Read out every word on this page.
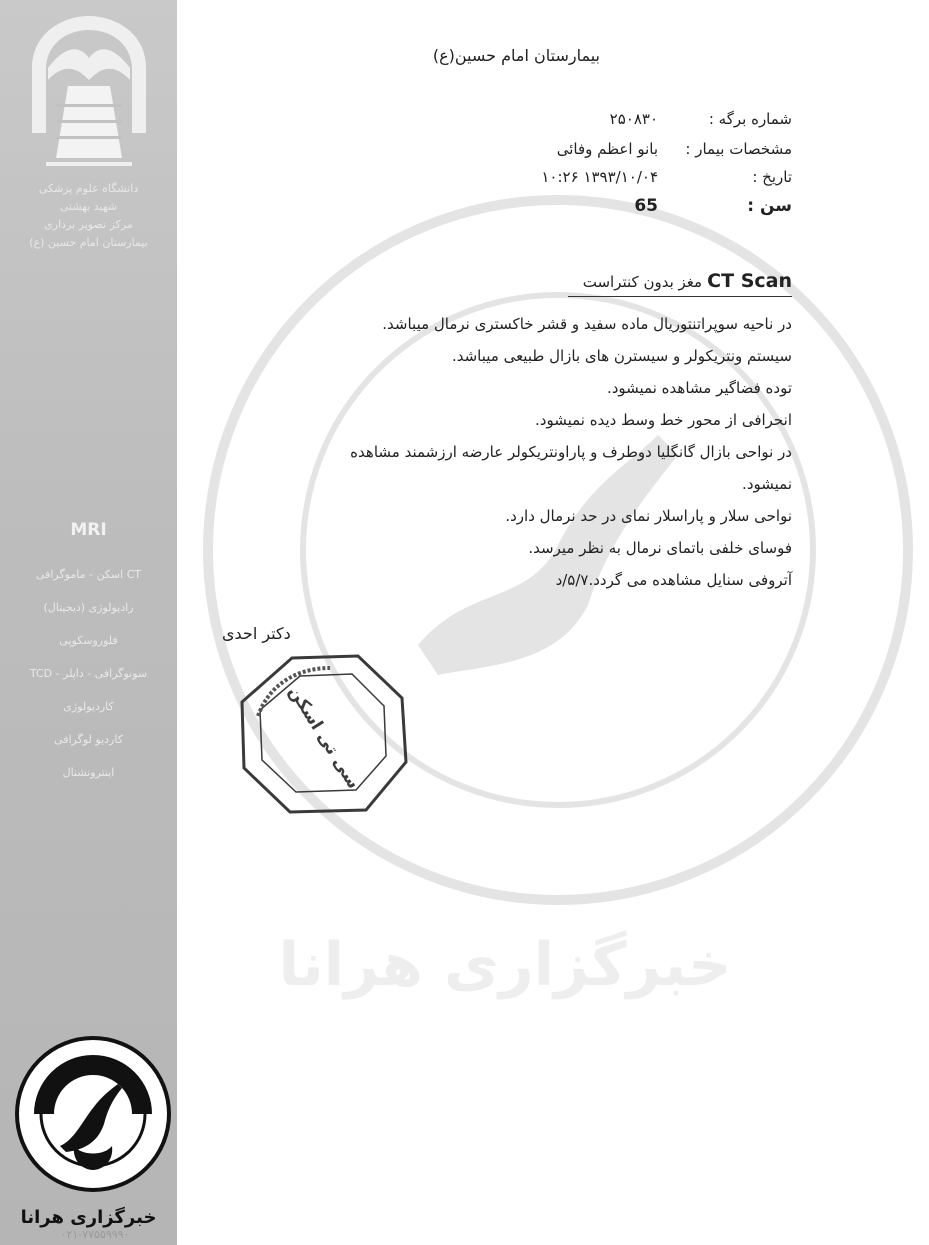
دانشگاه علوم پزشکی
شهید بهشتی
مرکز تصویر برداری
بیمارستان امام حسین (ع)
MRI
CT اسکن - ماموگرافی
رادیولوژی (دیجیتال)
فلوروسکوپی
سونوگرافی - داپلر - TCD
کاردیولوژی
کاردیو لوگرافی
اینترونشنال
۰۲۱-۷۷۵۵۹۹۹۰
خبرگزاری هرانا
بیمارستان امام حسین(ع)
شماره برگه :
۲۵۰۸۳۰
مشخصات بیمار :
بانو اعظم وفائی
تاریخ :
۱۳۹۳/۱۰/۰۴ ۱۰:۲۶
سن :
65
CT Scan مغز بدون کنتراست
در ناحیه سوپراتنتوریال ماده سفید و قشر خاکستری نرمال میباشد.
سیستم ونتریکولر و سیسترن های بازال طبیعی میباشد.
توده فضاگیر مشاهده نمیشود.
انحرافی از محور خط وسط دیده نمیشود.
در نواحی بازال گانگلیا دوطرف و پاراونتریکولر عارضه ارزشمند مشاهده
نمیشود.
نواحی سلار و پاراسلار نمای در حد نرمال دارد.
فوسای خلفی باتمای نرمال به نظر میرسد.
آتروفی سنایل مشاهده می گردد.۵/۷/د
دکتر احدی
سی تی اسکن
خبرگزاری هرانا
